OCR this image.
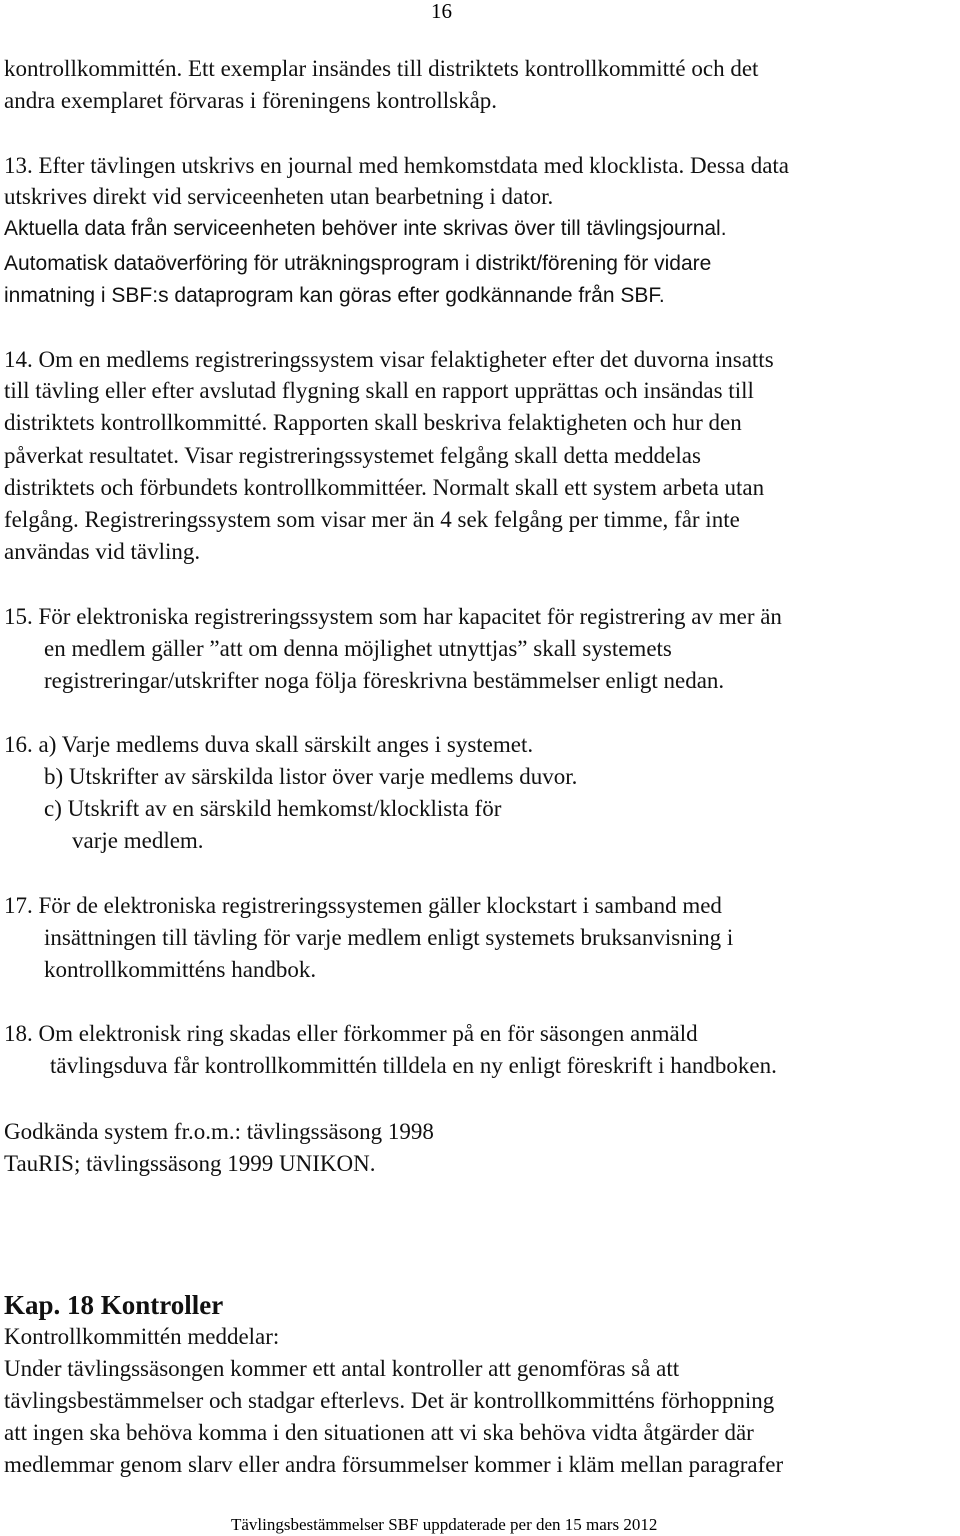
16
kontrollkommittén. Ett exemplar insändes till distriktets kontrollkommitté och det
andra exemplaret förvaras i föreningens kontrollskåp.
13. Efter tävlingen utskrivs en journal med hemkomstdata med klocklista. Dessa data
utskrives direkt vid serviceenheten utan bearbetning i dator.
Aktuella data från serviceenheten behöver inte skrivas över till tävlingsjournal.
Automatisk dataöverföring för uträkningsprogram i distrikt/förening för vidare
inmatning i SBF:s dataprogram kan göras efter godkännande från SBF.
14. Om en medlems registreringssystem visar felaktigheter efter det duvorna insatts
till tävling eller efter avslutad flygning skall en rapport upprättas och insändas till
distriktets kontrollkommitté. Rapporten skall beskriva felaktigheten och hur den
påverkat resultatet. Visar registreringssystemet felgång skall detta meddelas
distriktets och förbundets kontrollkommittéer. Normalt skall ett system arbeta utan
felgång. Registreringssystem som visar mer än 4 sek felgång per timme, får inte
användas vid tävling.
15. För elektroniska registreringssystem som har kapacitet för registrering av mer än
en medlem gäller ”att om denna möjlighet utnyttjas” skall systemets
registreringar/utskrifter noga följa föreskrivna bestämmelser enligt nedan.
16. a) Varje medlems duva skall särskilt anges i systemet.
b) Utskrifter av särskilda listor över varje medlems duvor.
c) Utskrift av en särskild hemkomst/klocklista för
varje medlem.
17. För de elektroniska registreringssystemen gäller klockstart i samband med
insättningen till tävling för varje medlem enligt systemets bruksanvisning i
kontrollkommitténs handbok.
18. Om elektronisk ring skadas eller förkommer på en för säsongen anmäld
tävlingsduva får kontrollkommittén tilldela en ny enligt föreskrift i handboken.
Godkända system fr.o.m.: tävlingssäsong 1998
TauRIS; tävlingssäsong 1999 UNIKON.
Kap. 18 Kontroller
Kontrollkommittén meddelar:
Under tävlingssäsongen kommer ett antal kontroller att genomföras så att
tävlingsbestämmelser och stadgar efterlevs. Det är kontrollkommitténs förhoppning
att ingen ska behöva komma i den situationen att vi ska behöva vidta åtgärder där
medlemmar genom slarv eller andra försummelser kommer i kläm mellan paragrafer
Tävlingsbestämmelser SBF uppdaterade per den 15 mars 2012
